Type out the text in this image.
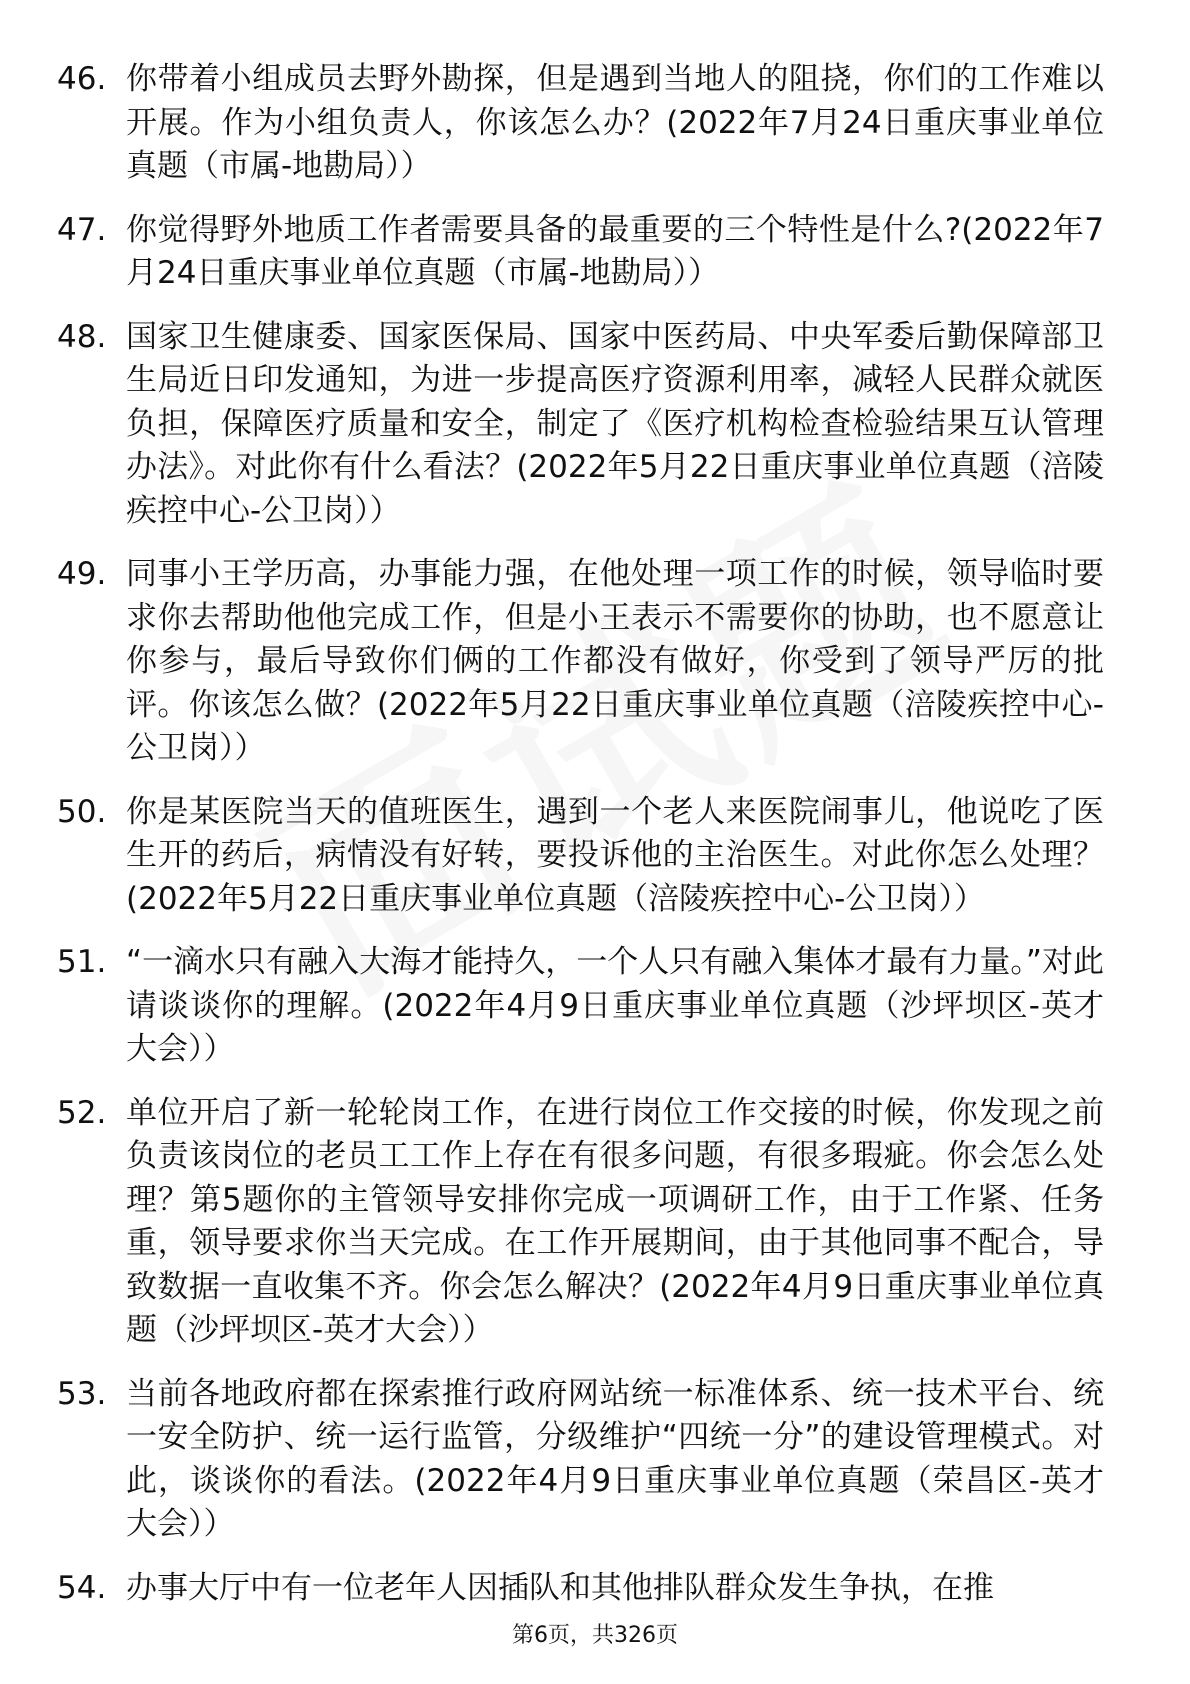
46. 你带着小组成员去野外勘探，但是遇到当地人的阻挠，你们的工作难以开展。作为小组负责人，你该怎么办？(2022年7月24日重庆事业单位真题（市属-地勘局））
47. 你觉得野外地质工作者需要具备的最重要的三个特性是什么?(2022年7月24日重庆事业单位真题（市属-地勘局））
48. 国家卫生健康委、国家医保局、国家中医药局、中央军委后勤保障部卫生局近日印发通知，为进一步提高医疗资源利用率，减轻人民群众就医负担，保障医疗质量和安全，制定了《医疗机构检查检验结果互认管理办法》。对此你有什么看法？(2022年5月22日重庆事业单位真题（涪陵疾控中心-公卫岗））
49. 同事小王学历高，办事能力强，在他处理一项工作的时候，领导临时要求你去帮助他他完成工作，但是小王表示不需要你的协助，也不愿意让你参与，最后导致你们俩的工作都没有做好，你受到了领导严厉的批评。你该怎么做？(2022年5月22日重庆事业单位真题（涪陵疾控中心-公卫岗））
50. 你是某医院当天的值班医生，遇到一个老人来医院闹事儿，他说吃了医生开的药后，病情没有好转，要投诉他的主治医生。对此你怎么处理？(2022年5月22日重庆事业单位真题（涪陵疾控中心-公卫岗））
51. “一滴水只有融入大海才能持久，一个人只有融入集体才最有力量。”对此请谈谈你的理解。(2022年4月9日重庆事业单位真题（沙坪坝区-英才大会））
52. 单位开启了新一轮轮岗工作，在进行岗位工作交接的时候，你发现之前负责该岗位的老员工工作上存在有很多问题，有很多瑕疵。你会怎么处理？第5题你的主管领导安排你完成一项调研工作，由于工作紧、任务重，领导要求你当天完成。在工作开展期间，由于其他同事不配合，导致数据一直收集不齐。你会怎么解决？(2022年4月9日重庆事业单位真题（沙坪坝区-英才大会））
53. 当前各地政府都在探索推行政府网站统一标准体系、统一技术平台、统一安全防护、统一运行监管，分级维护“四统一分”的建设管理模式。对此，谈谈你的看法。(2022年4月9日重庆事业单位真题（荣昌区-英才大会））
54. 办事大厅中有一位老年人因插队和其他排队群众发生争执，在推
第6页，共326页
